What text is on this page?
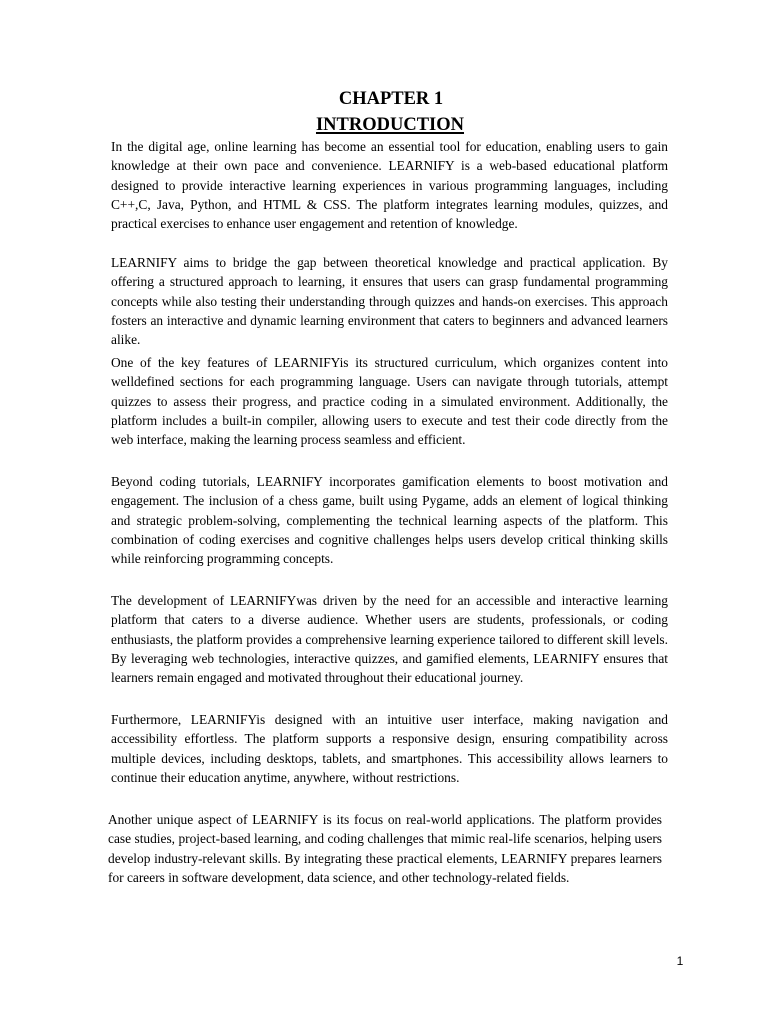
CHAPTER 1
INTRODUCTION

In the digital age, online learning has become an essential tool for education, enabling users to gain knowledge at their own pace and convenience. LEARNIFY is a web-based educational platform designed to provide interactive learning experiences in various programming languages, including C++,C, Java, Python, and HTML & CSS. The platform integrates learning modules, quizzes, and practical exercises to enhance user engagement and retention of knowledge.

LEARNIFY aims to bridge the gap between theoretical knowledge and practical application. By offering a structured approach to learning, it ensures that users can grasp fundamental programming concepts while also testing their understanding through quizzes and hands-on exercises. This approach fosters an interactive and dynamic learning environment that caters to beginners and advanced learners alike.

One of the key features of LEARNIFYis its structured curriculum, which organizes content into welldefined sections for each programming language. Users can navigate through tutorials, attempt quizzes to assess their progress, and practice coding in a simulated environment. Additionally, the platform includes a built-in compiler, allowing users to execute and test their code directly from the web interface, making the learning process seamless and efficient.

Beyond coding tutorials, LEARNIFY incorporates gamification elements to boost motivation and engagement. The inclusion of a chess game, built using Pygame, adds an element of logical thinking and strategic problem-solving, complementing the technical learning aspects of the platform. This combination of coding exercises and cognitive challenges helps users develop critical thinking skills while reinforcing programming concepts.

The development of LEARNIFYwas driven by the need for an accessible and interactive learning platform that caters to a diverse audience. Whether users are students, professionals, or coding enthusiasts, the platform provides a comprehensive learning experience tailored to different skill levels. By leveraging web technologies, interactive quizzes, and gamified elements, LEARNIFY ensures that learners remain engaged and motivated throughout their educational journey.

Furthermore, LEARNIFYis designed with an intuitive user interface, making navigation and accessibility effortless. The platform supports a responsive design, ensuring compatibility across multiple devices, including desktops, tablets, and smartphones. This accessibility allows learners to continue their education anytime, anywhere, without restrictions.

Another unique aspect of LEARNIFY is its focus on real-world applications. The platform provides case studies, project-based learning, and coding challenges that mimic real-life scenarios, helping users develop industry-relevant skills. By integrating these practical elements, LEARNIFY prepares learners for careers in software development, data science, and other technology-related fields.

1
